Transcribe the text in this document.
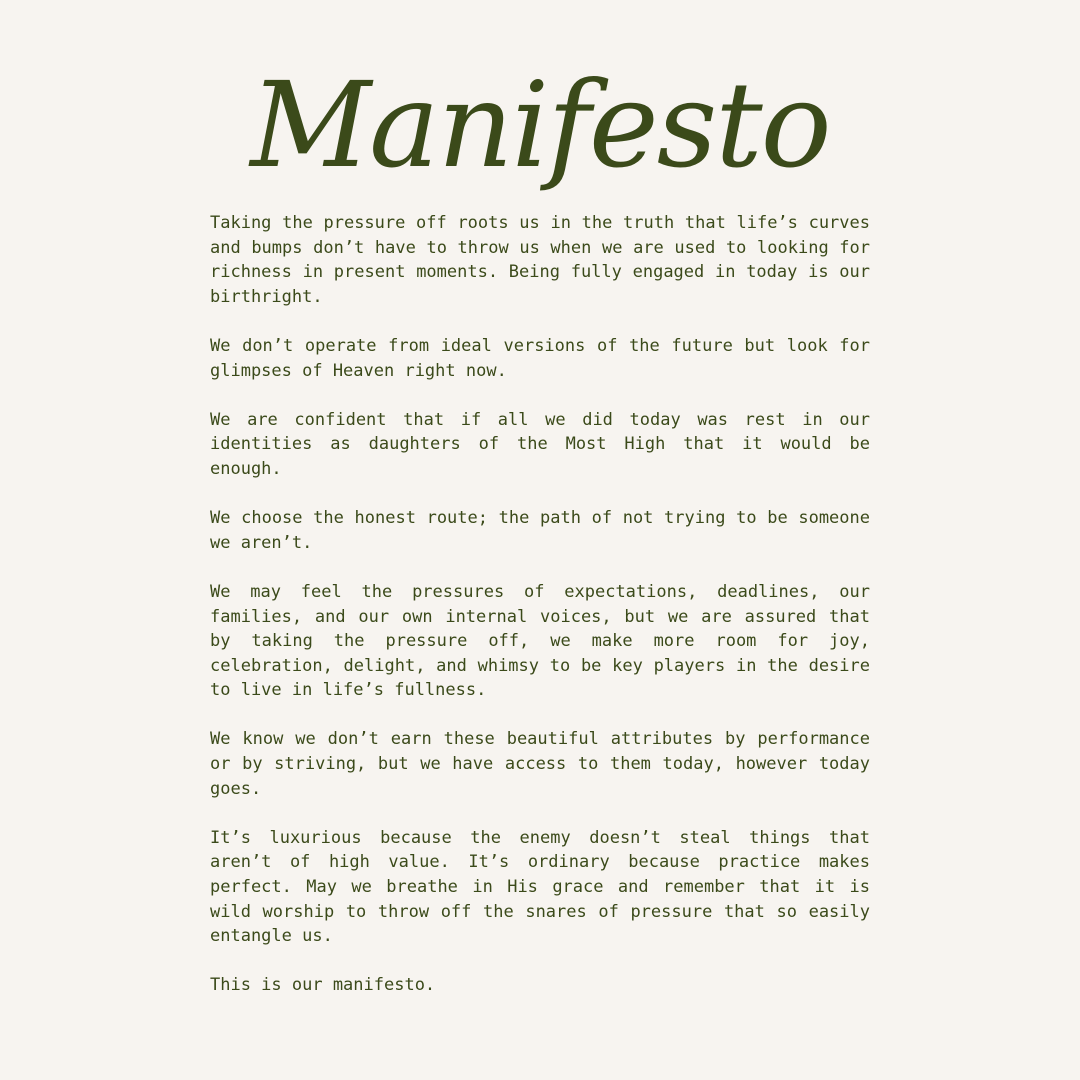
Manifesto

Taking the pressure off roots us in the truth that life’s curves and bumps don’t have to throw us when we are used to looking for richness in present moments. Being fully engaged in today is our birthright.

We don’t operate from ideal versions of the future but look for glimpses of Heaven right now.

We are confident that if all we did today was rest in our identities as daughters of the Most High that it would be enough.

We choose the honest route; the path of not trying to be someone we aren’t.

We may feel the pressures of expectations, deadlines, our families, and our own internal voices, but we are assured that by taking the pressure off, we make more room for joy, celebration, delight, and whimsy to be key players in the desire to live in life’s fullness.

We know we don’t earn these beautiful attributes by performance or by striving, but we have access to them today, however today goes.

It’s luxurious because the enemy doesn’t steal things that aren’t of high value. It’s ordinary because practice makes perfect. May we breathe in His grace and remember that it is wild worship to throw off the snares of pressure that so easily entangle us.

This is our manifesto.
